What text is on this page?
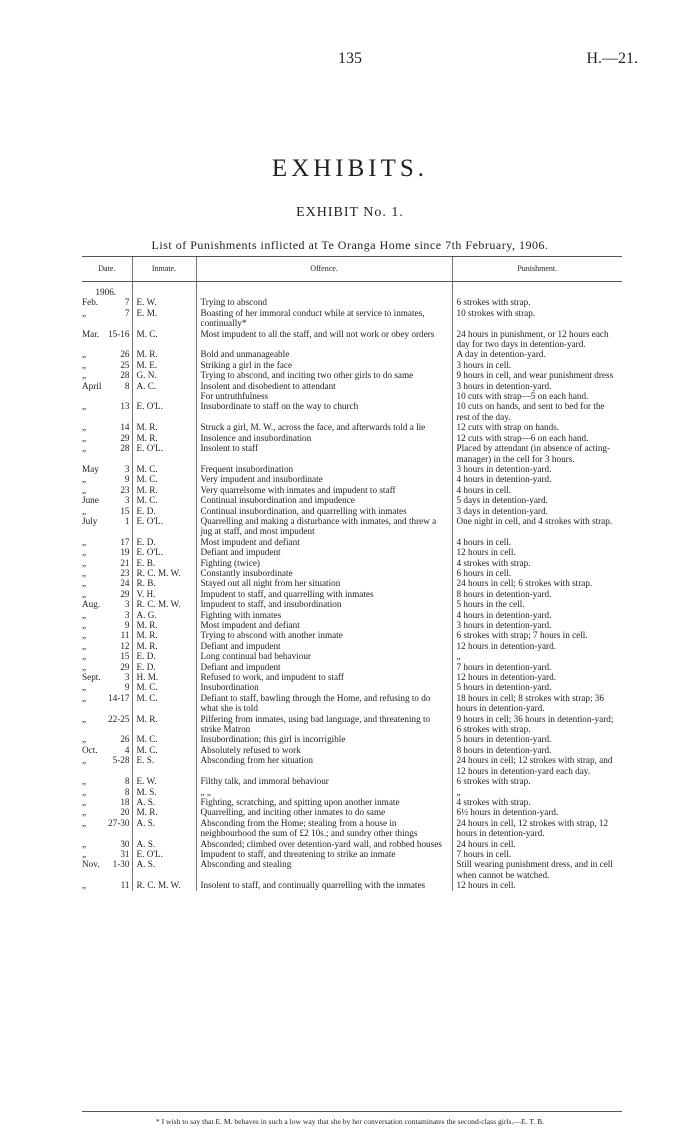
135	H.—21.
EXHIBITS.
EXHIBIT No. 1.
List of Punishments inflicted at Te Oranga Home since 7th February, 1906.
Date.	Inmate.	Offence.	Punishment.

1906.			

Feb. 7	E. W.	Trying to abscond	6 strokes with strap.

„ 7	E. M.	Boasting of her immoral conduct while at service to inmates, continually*	10 strokes with strap.

Mar. 15-16	M. C.	Most impudent to all the staff, and will not work or obey orders	24 hours in punishment, or 12 hours each day for two days in detention-yard.

„ 26	M. R.	Bold and unmanageable	A day in detention-yard.

„ 25	M. E.	Striking a girl in the face	3 hours in cell.

„ 28	G. N.	Trying to abscond, and inciting two other girls to do same	9 hours in cell, and wear punishment dress

April 8	A. C.	Insolent and disobedient to attendant	3 hours in detention-yard.

		For untruthfulness	10 cuts with strap—5 on each hand.

„ 13	E. O'L.	Insubordinate to staff on the way to church	10 cuts on hands, and sent to bed for the rest of the day.

„ 14	M. R.	Struck a girl, M. W., across the face, and afterwards told a lie	12 cuts with strap on hands.

„ 29	M. R.	Insolence and insubordination	12 cuts with strap—6 on each hand.

„ 28	E. O'L.	Insolent to staff	Placed by attendant (in absence of acting-manager) in the cell for 3 hours.

May 3	M. C.	Frequent insubordination	3 hours in detention-yard.

„ 9	M. C.	Very impudent and insubordinate	4 hours in detention-yard.

„ 23	M. R.	Very quarrelsome with inmates and impudent to staff	4 hours in cell.

June 3	M. C.	Continual insubordination and impudence	5 days in detention-yard.

„ 15	E. D.	Continual insubordination, and quarrelling with inmates	3 days in detention-yard.

July 1	E. O'L.	Quarrelling and making a disturbance with inmates, and threw a jug at staff, and most impudent	One night in cell, and 4 strokes with strap.

„ 17	E. D.	Most impudent and defiant	4 hours in cell.

„ 19	E. O'L.	Defiant and impudent	12 hours in cell.

„ 21	E. B.	Fighting (twice)	4 strokes with strap.

„ 23	R. C. M. W.	Constantly insubordinate	6 hours in cell.

„ 24	R. B.	Stayed out all night from her situation	24 hours in cell; 6 strokes with strap.

„ 29	V. H.	Impudent to staff, and quarrelling with inmates	8 hours in detention-yard.

Aug. 3	R. C. M. W.	Impudent to staff, and insubordination	5 hours in the cell.

„ 3	A. G.	Fighting with inmates	4 hours in detention-yard.

„ 9	M. R.	Most impudent and defiant	3 hours in detention-yard.

„ 11	M. R.	Trying to abscond with another inmate	6 strokes with strap; 7 hours in cell.

„ 12	M. R.	Defiant and impudent	12 hours in detention-yard.

„ 15	E. D.	Long continual bad behaviour	„

„ 29	E. D.	Defiant and impudent	7 hours in detention-yard.

Sept. 3	H. M.	Refused to work, and impudent to staff	12 hours in detention-yard.

„ 9	M. C.	Insubordination	5 hours in detention-yard.

„ 14-17	M. C.	Defiant to staff, bawling through the Home, and refusing to do what she is told	18 hours in cell; 8 strokes with strap; 36 hours in detention-yard.

„ 22-25	M. R.	Pilfering from inmates, using bad language, and threatening to strike Matron	9 hours in cell; 36 hours in detention-yard; 6 strokes with strap.

„ 26	M. C.	Insubordination; this girl is incorrigible	5 hours in detention-yard.

Oct. 4	M. C.	Absolutely refused to work	8 hours in detention-yard.

„ 5-28	E. S.	Absconding from her situation	24 hours in cell; 12 strokes with strap, and 12 hours in detention-yard each day.

„ 8	E. W.	Filthy talk, and immoral behaviour	6 strokes with strap.

„ 8	M. S.	„ „	„

„ 18	A. S.	Fighting, scratching, and spitting upon another inmate	4 strokes with strap.

„ 20	M. R.	Quarrelling, and inciting other inmates to do same	6½ hours in detention-yard.

„ 27-30	A. S.	Absconding from the Home; stealing from a house in neighbourhood the sum of £2 10s.; and sundry other things	24 hours in cell, 12 strokes with strap, 12 hours in detention-yard.

„ 30	A. S.	Absconded; climbed over detention-yard wall, and robbed houses	24 hours in cell.

„ 31	E. O'L.	Impudent to staff, and threatening to strike an inmate	7 hours in cell.

Nov. 1-30	A. S.	Absconding and stealing	Still wearing punishment dress, and in cell when cannot be watched.

„ 11	R. C. M. W.	Insolent to staff, and continually quarrelling with the inmates	12 hours in cell.
* I wish to say that E. M. behaves in such a low way that she by her conversation contaminates the second-class girls.—E. T. B.
